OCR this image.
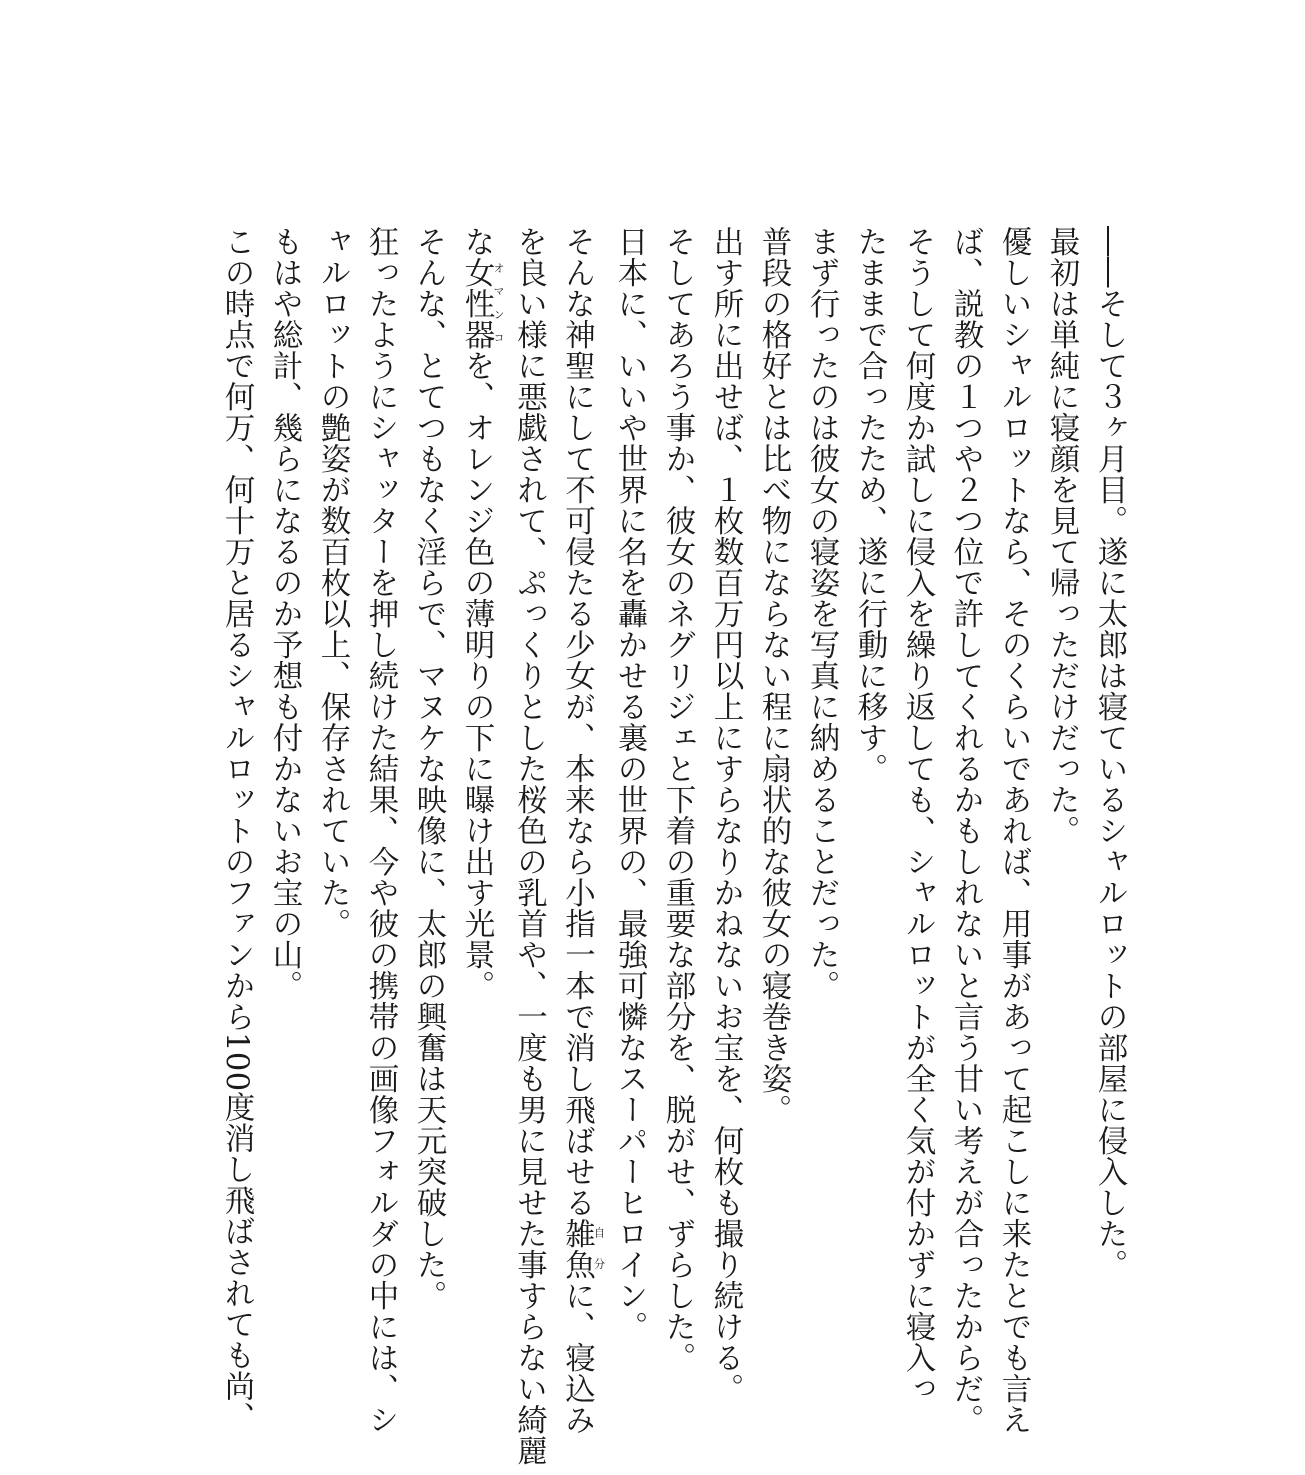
――そして３ヶ月目。遂に太郎は寝ているシャルロットの部屋に侵入した。
最初は単純に寝顔を見て帰っただけだった。
優しいシャルロットなら、そのくらいであれば、用事があって起こしに来たとでも言え
ば、説教の１つや２つ位で許してくれるかもしれないと言う甘い考えが合ったからだ。
そうして何度か試しに侵入を繰り返しても、シャルロットが全く気が付かずに寝入っ
たままで合ったため、遂に行動に移す。
まず行ったのは彼女の寝姿を写真に納めることだった。
普段の格好とは比べ物にならない程に扇状的な彼女の寝巻き姿。
出す所に出せば、１枚数百万円以上にすらなりかねないお宝を、何枚も撮り続ける。
そしてあろう事か、彼女のネグリジェと下着の重要な部分を、脱がせ、ずらした。
日本に、いいや世界に名を轟かせる裏の世界の、最強可憐なスーパーヒロイン。
そんな神聖にして不可侵たる少女が、本来なら小指一本で消し飛ばせる雑魚自分に、寝込み
を良い様に悪戯されて、ぷっくりとした桜色の乳首や、一度も男に見せた事すらない綺麗
な女性器オマンコを、オレンジ色の薄明りの下に曝け出す光景。
そんな、とてつもなく淫らで、マヌケな映像に、太郎の興奮は天元突破した。
狂ったようにシャッターを押し続けた結果、今や彼の携帯の画像フォルダの中には、シ
ャルロットの艶姿が数百枚以上、保存されていた。
もはや総計、幾らになるのか予想も付かないお宝の山。
この時点で何万、何十万と居るシャルロットのファンから100度消し飛ばされても尚、
